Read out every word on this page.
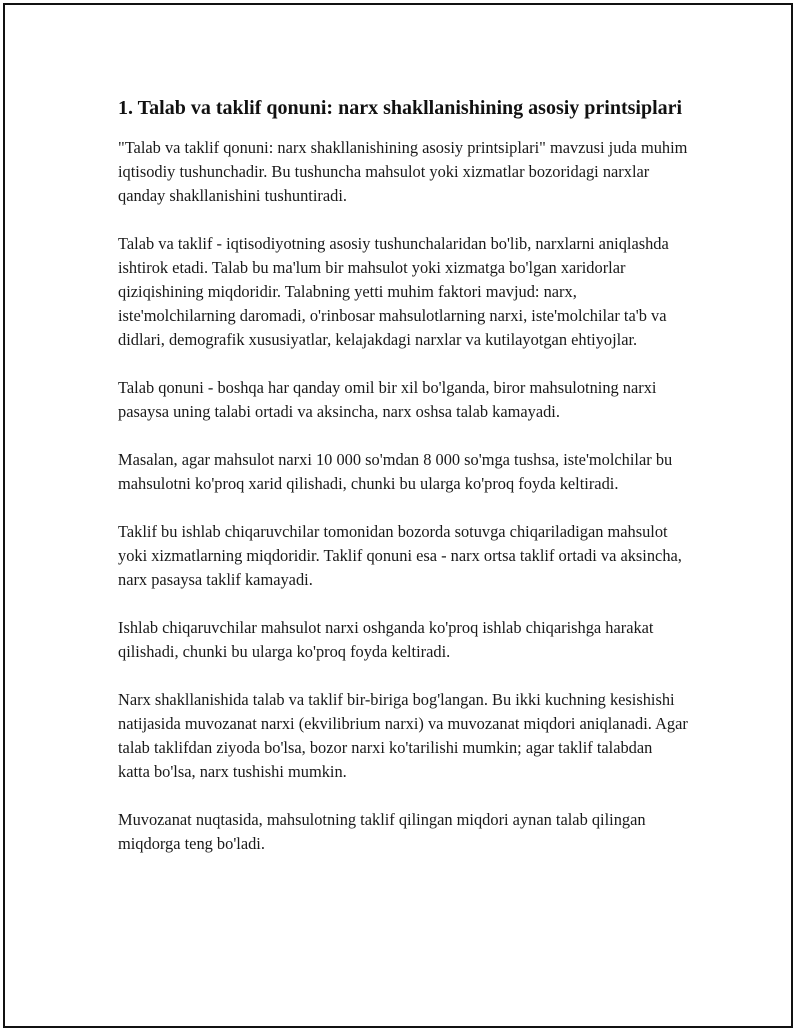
1. Talab va taklif qonuni: narx shakllanishining asosiy printsiplari

"Talab va taklif qonuni: narx shakllanishining asosiy printsiplari" mavzusi juda muhim iqtisodiy tushunchadir. Bu tushuncha mahsulot yoki xizmatlar bozoridagi narxlar qanday shakllanishini tushuntiradi.

Talab va taklif - iqtisodiyotning asosiy tushunchalaridan bo'lib, narxlarni aniqlashda ishtirok etadi. Talab bu ma'lum bir mahsulot yoki xizmatga bo'lgan xaridorlar qiziqishining miqdoridir. Talabning yetti muhim faktori mavjud: narx, iste'molchilarning daromadi, o'rinbosar mahsulotlarning narxi, iste'molchilar ta'b va didlari, demografik xususiyatlar, kelajakdagi narxlar va kutilayotgan ehtiyojlar.

Talab qonuni - boshqa har qanday omil bir xil bo'lganda, biror mahsulotning narxi pasaysa uning talabi ortadi va aksincha, narx oshsa talab kamayadi.

Masalan, agar mahsulot narxi 10 000 so'mdan 8 000 so'mga tushsa, iste'molchilar bu mahsulotni ko'proq xarid qilishadi, chunki bu ularga ko'proq foyda keltiradi.

Taklif bu ishlab chiqaruvchilar tomonidan bozorda sotuvga chiqariladigan mahsulot yoki xizmatlarning miqdoridir. Taklif qonuni esa - narx ortsa taklif ortadi va aksincha, narx pasaysa taklif kamayadi.

Ishlab chiqaruvchilar mahsulot narxi oshganda ko'proq ishlab chiqarishga harakat qilishadi, chunki bu ularga ko'proq foyda keltiradi.

Narx shakllanishida talab va taklif bir-biriga bog'langan. Bu ikki kuchning kesishishi natijasida muvozanat narxi (ekvilibrium narxi) va muvozanat miqdori aniqlanadi. Agar talab taklifdan ziyoda bo'lsa, bozor narxi ko'tarilishi mumkin; agar taklif talabdan katta bo'lsa, narx tushishi mumkin.

Muvozanat nuqtasida, mahsulotning taklif qilingan miqdori aynan talab qilingan miqdorga teng bo'ladi.
